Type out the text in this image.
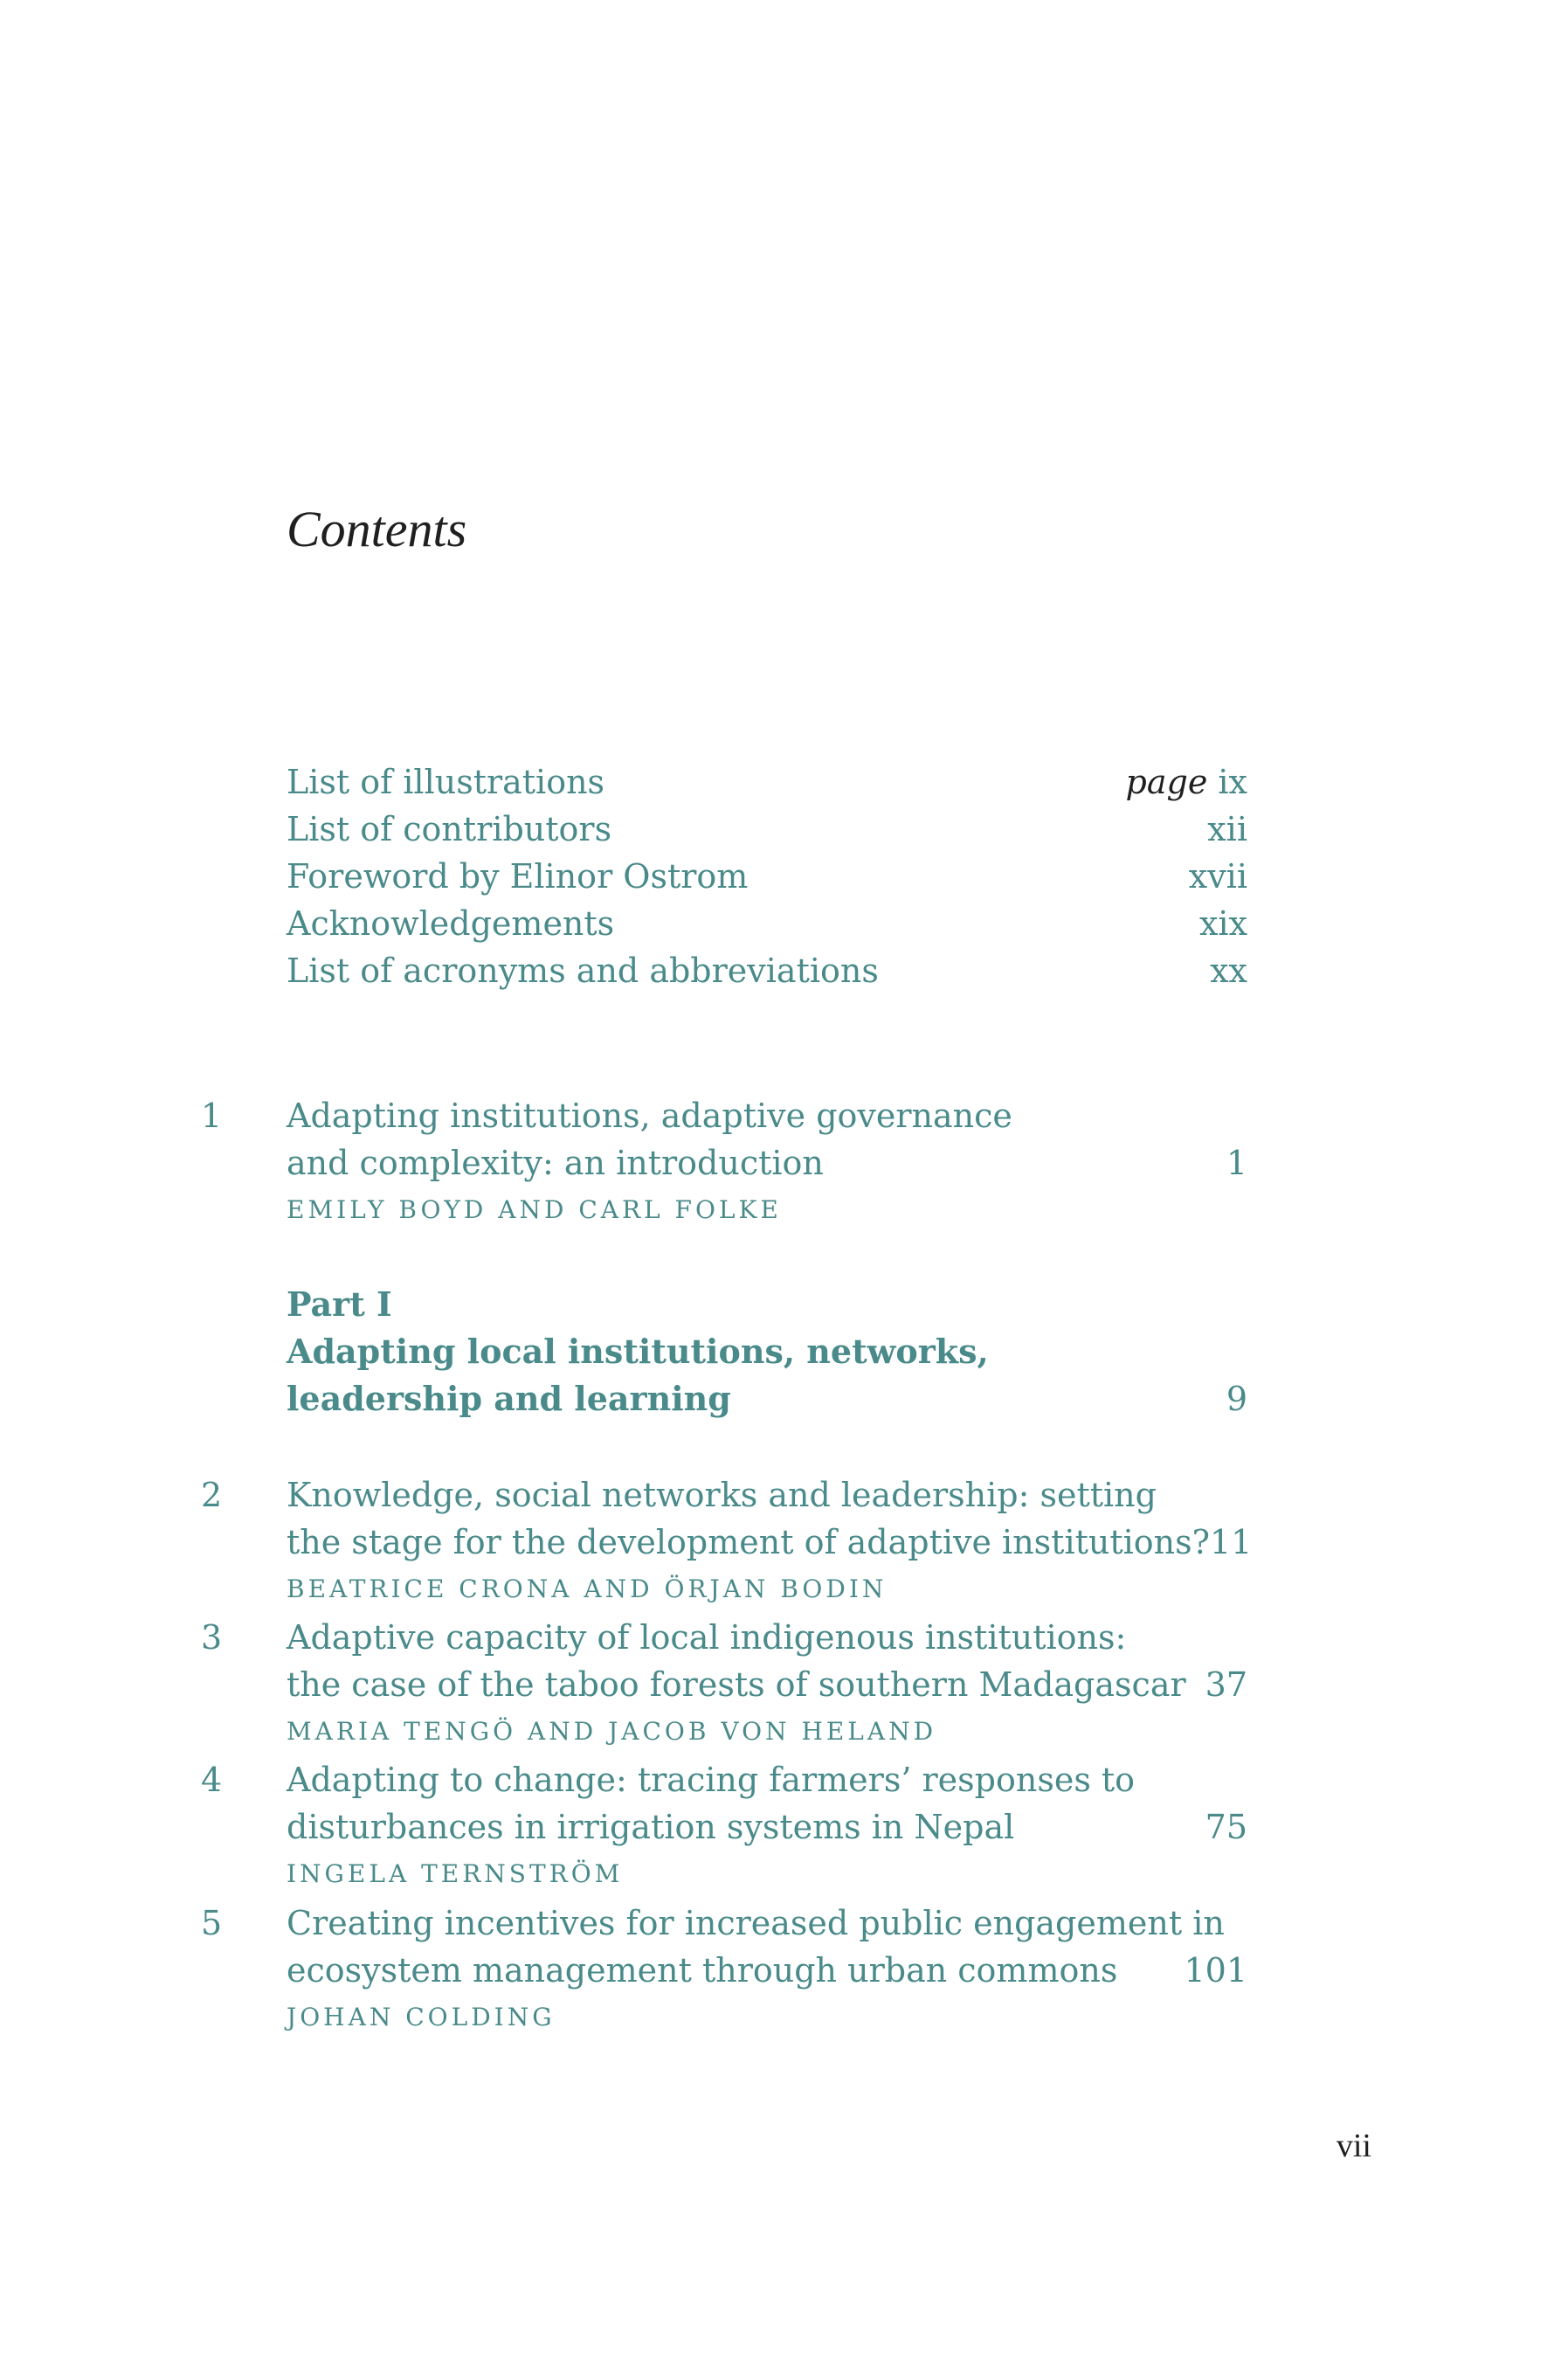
Contents
List of illustrations	page ix
List of contributors	xii
Foreword by Elinor Ostrom	xvii
Acknowledgements	xix
List of acronyms and abbreviations	xx
1	Adapting institutions, adaptive governance
and complexity: an introduction	1
EMILY BOYD AND CARL FOLKE
Part I
Adapting local institutions, networks,
leadership and learning	9
2	Knowledge, social networks and leadership: setting
the stage for the development of adaptive institutions? 11
BEATRICE CRONA AND ÖRJAN BODIN
3	Adaptive capacity of local indigenous institutions:
the case of the taboo forests of southern Madagascar 37
MARIA TENGÖ AND JACOB VON HELAND
4	Adapting to change: tracing farmers’ responses to
disturbances in irrigation systems in Nepal	75
INGELA TERNSTRÖM
5	Creating incentives for increased public engagement in
ecosystem management through urban commons 101
JOHAN COLDING
vii
